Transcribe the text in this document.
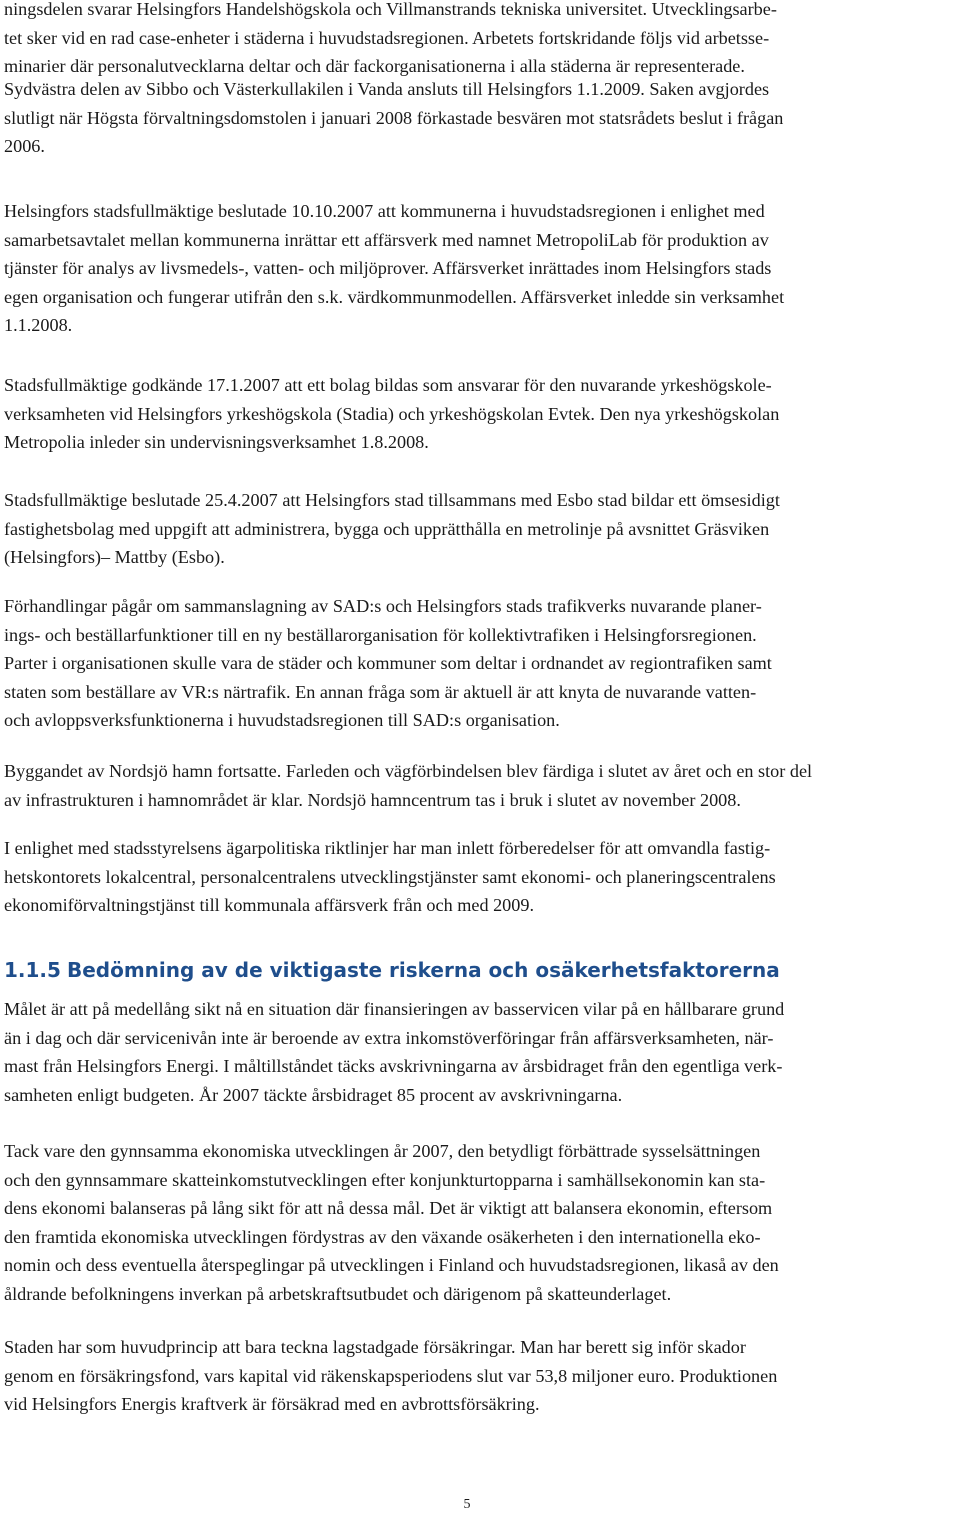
ningsdelen svarar Helsingfors Handelshögskola och Villmanstrands tekniska universitet. Utvecklingsarbe-
tet sker vid en rad case-enheter i städerna i huvudstadsregionen. Arbetets fortskridande följs vid arbetsse-
minarier där personalutvecklarna deltar och där fackorganisationerna i alla städerna är representerade.

Sydvästra delen av Sibbo och Västerkullakilen i Vanda ansluts till Helsingfors 1.1.2009. Saken avgjordes
slutligt när Högsta förvaltningsdomstolen i januari 2008 förkastade besvären mot statsrådets beslut i frågan
2006.

Helsingfors stadsfullmäktige beslutade 10.10.2007 att kommunerna i huvudstadsregionen i enlighet med
samarbetsavtalet mellan kommunerna inrättar ett affärsverk med namnet MetropoliLab för produktion av
tjänster för analys av livsmedels-, vatten- och miljöprover. Affärsverket inrättades inom Helsingfors stads
egen organisation och fungerar utifrån den s.k. värdkommunmodellen. Affärsverket inledde sin verksamhet
1.1.2008.

Stadsfullmäktige godkände 17.1.2007 att ett bolag bildas som ansvarar för den nuvarande yrkeshögskole-
verksamheten vid Helsingfors yrkeshögskola (Stadia) och yrkeshögskolan Evtek. Den nya yrkeshögskolan
Metropolia inleder sin undervisningsverksamhet 1.8.2008.

Stadsfullmäktige beslutade 25.4.2007 att Helsingfors stad tillsammans med Esbo stad bildar ett ömsesidigt
fastighetsbolag med uppgift att administrera, bygga och upprätthålla en metrolinje på avsnittet Gräsviken
(Helsingfors)– Mattby (Esbo).

Förhandlingar pågår om sammanslagning av SAD:s och Helsingfors stads trafikverks nuvarande planer-
ings- och beställarfunktioner till en ny beställarorganisation för kollektivtrafiken i Helsingforsregionen.
Parter i organisationen skulle vara de städer och kommuner som deltar i ordnandet av regiontrafiken samt
staten som beställare av VR:s närtrafik. En annan fråga som är aktuell är att knyta de nuvarande vatten-
och avloppsverksfunktionerna i huvudstadsregionen till SAD:s organisation.

Byggandet av Nordsjö hamn fortsatte. Farleden och vägförbindelsen blev färdiga i slutet av året och en stor del
av infrastrukturen i hamnområdet är klar. Nordsjö hamncentrum tas i bruk i slutet av november 2008.

I enlighet med stadsstyrelsens ägarpolitiska riktlinjer har man inlett förberedelser för att omvandla fastig-
hetskontorets lokalcentral, personalcentralens utvecklingstjänster samt ekonomi- och planeringscentralens
ekonomiförvaltningstjänst till kommunala affärsverk från och med 2009.

1.1.5 Bedömning av de viktigaste riskerna och osäkerhetsfaktorerna

Målet är att på medellång sikt nå en situation där finansieringen av basservicen vilar på en hållbarare grund
än i dag och där servicenivån inte är beroende av extra inkomstöverföringar från affärsverksamheten, när-
mast från Helsingfors Energi. I måltillståndet täcks avskrivningarna av årsbidraget från den egentliga verk-
samheten enligt budgeten. År 2007 täckte årsbidraget 85 procent av avskrivningarna.

Tack vare den gynnsamma ekonomiska utvecklingen år 2007, den betydligt förbättrade sysselsättningen
och den gynnsammare skatteinkomstutvecklingen efter konjunkturtopparna i samhällsekonomin kan sta-
dens ekonomi balanseras på lång sikt för att nå dessa mål. Det är viktigt att balansera ekonomin, eftersom
den framtida ekonomiska utvecklingen fördystras av den växande osäkerheten i den internationella eko-
nomin och dess eventuella återspeglingar på utvecklingen i Finland och huvudstadsregionen, likaså av den
åldrande befolkningens inverkan på arbetskraftsutbudet och därigenom på skatteunderlaget.

Staden har som huvudprincip att bara teckna lagstadgade försäkringar. Man har berett sig inför skador
genom en försäkringsfond, vars kapital vid räkenskapsperiodens slut var 53,8 miljoner euro. Produktionen
vid Helsingfors Energis kraftverk är försäkrad med en avbrottsförsäkring.

5
